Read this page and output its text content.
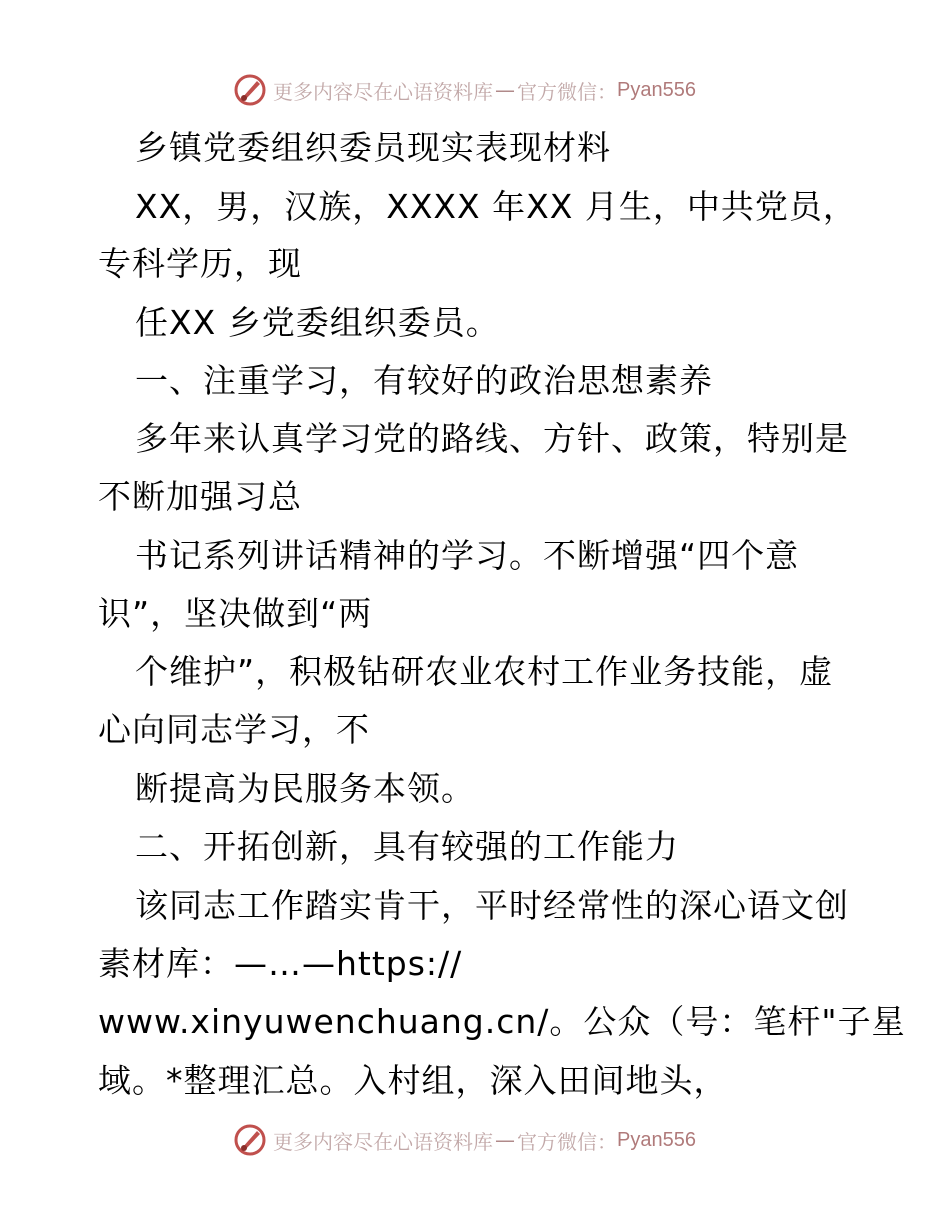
更多内容尽在心语资料库 — 官方微信： Pyan556
乡镇党委组织委员现实表现材料
XX，男，汉族，XXXX 年XX 月生，中共党员，
专科学历，现
任XX 乡党委组织委员。
一、注重学习，有较好的政治思想素养
多年来认真学习党的路线、方针、政策，特别是
不断加强习总
书记系列讲话精神的学习。不断增强“四个意
识”，坚决做到“两
个维护”，积极钻研农业农村工作业务技能，虚
心向同志学习，不
断提高为民服务本领。
二、开拓创新，具有较强的工作能力
该同志工作踏实肯干，平时经常性的深心语文创
素材库：—…—https://
www.xinyuwenchuang.cn/。公众（号：笔杆"子星
域。*整理汇总。入村组，深入田间地头，
更多内容尽在心语资料库 — 官方微信： Pyan556
